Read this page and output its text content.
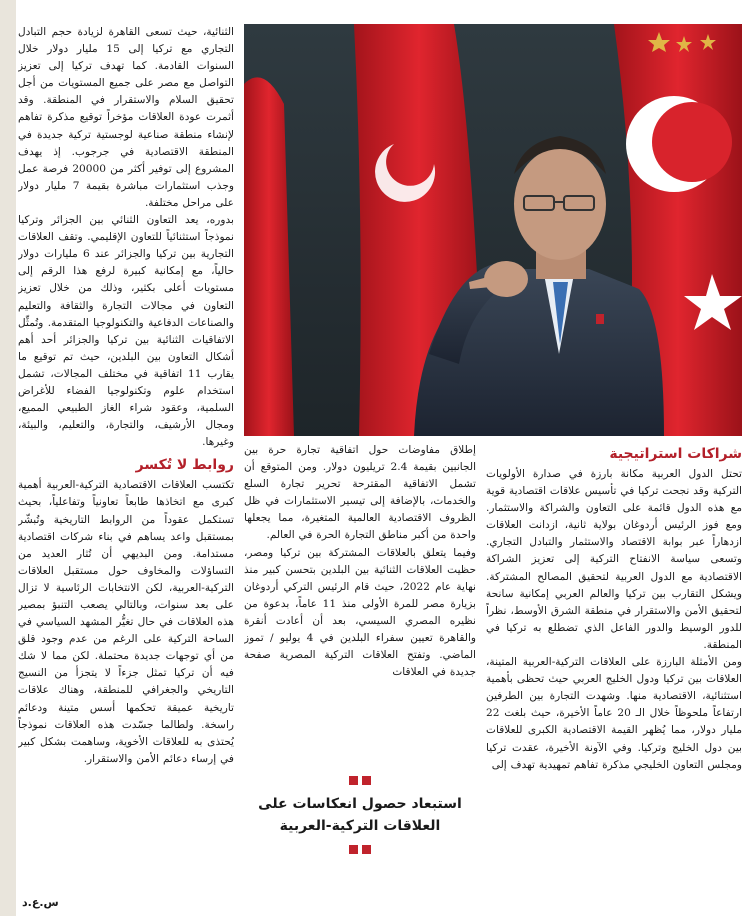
الثنائية، حيث تسعى القاهرة لزيادة حجم التبادل التجاري مع تركيا إلى 15 مليار دولار خلال السنوات القادمة. كما تهدف تركيا إلى تعزيز التواصل مع مصر على جميع المستويات من أجل تحقيق السلام والاستقرار في المنطقة. وقد أثمرت عودة العلاقات مؤخراً توقيع مذكرة تفاهم لإنشاء منطقة صناعية لوجستية تركية جديدة في المنطقة الاقتصادية في جرجوب. إذ يهدف المشروع إلى توفير أكثر من 20000 فرصة عمل وجذب استثمارات مباشرة بقيمة 7 مليار دولار على مراحل مختلفة.

بدوره، يعد التعاون الثنائي بين الجزائر وتركيا نموذجاً استثنائياً للتعاون الإقليمي. وتقف العلاقات التجارية بين تركيا والجزائر عند 6 مليارات دولار حالياً، مع إمكانية كبيرة لرفع هذا الرقم إلى مستويات أعلى بكثير، وذلك من خلال تعزيز التعاون في مجالات التجارة والثقافة والتعليم والصناعات الدفاعية والتكنولوجيا المتقدمة. وتُمثِّل الاتفاقيات الثنائية بين تركيا والجزائر أحد أهم أشكال التعاون بين البلدين، حيث تم توقيع ما يقارب 11 اتفاقية في مختلف المجالات، تشمل استخدام علوم وتكنولوجيا الفضاء للأغراض السلمية، وعقود شراء الغاز الطبيعي المميع، ومجال الأرشيف، والتجارة، والتعليم، والبيئة، وغيرها.

روابط لا تُكسر

تكتسب العلاقات الاقتصادية التركية-العربية أهمية كبرى مع اتخاذها طابعاً تعاونياً وتفاعلياً، بحيث تستكمل عقوداً من الروابط التاريخية وتُبشّر بمستقبل واعد يساهم في بناء شركات اقتصادية مستدامة. ومن البديهي أن تُثار العديد من التساؤلات والمخاوف حول مستقبل العلاقات التركية-العربية، لكن الانتخابات الرئاسية لا تزال على بعد سنوات، وبالتالي يصعب التنبؤ بمصير هذه العلاقات في حال تغيُّر المشهد السياسي في الساحة التركية على الرغم من عدم وجود قلق من أي توجهات جديدة محتملة. لكن مما لا شك فيه أن تركيا تمثل جزءاً لا يتجزأ من النسيج التاريخي والجغرافي للمنطقة، وهناك علاقات تاريخية عميقة تحكمها أسس متينة ودعائم راسخة. ولطالما جسّدت هذه العلاقات نموذجاً يُحتذى به للعلاقات الأخوية، وساهمت بشكل كبير في إرساء دعائم الأمن والاستقرار.

إطلاق مفاوضات حول اتفاقية تجارة حرة بين الجانبين بقيمة 2.4 تريليون دولار. ومن المتوقع أن تشمل الاتفاقية المقترحة تحرير تجارة السلع والخدمات، بالإضافة إلى تيسير الاستثمارات في ظل الظروف الاقتصادية العالمية المتغيرة، مما يجعلها واحدة من أكبر مناطق التجارة الحرة في العالم.

وفيما يتعلق بالعلاقات المشتركة بين تركيا ومصر، حظيت العلاقات الثنائية بين البلدين بتحسن كبير منذ نهاية عام 2022، حيث قام الرئيس التركي أردوغان بزيارة مصر للمرة الأولى منذ 11 عاماً، بدعوة من نظيره المصري السيسي، بعد أن أعادت أنقرة والقاهرة تعيين سفراء البلدين في 4 يوليو / تموز الماضي. وتفتح العلاقات التركية المصرية صفحة جديدة في العلاقات

شراكات استراتيجية

تحتل الدول العربية مكانة بارزة في صدارة الأولويات التركية وقد نجحت تركيا في تأسيس علاقات اقتصادية قوية مع هذه الدول قائمة على التعاون والشراكة والاستثمار. ومع فوز الرئيس أردوغان بولاية ثانية، ازدانت العلاقات ازدهاراً عبر بوابة الاقتصاد والاستثمار والتبادل التجاري. وتسعى سياسة الانفتاح التركية إلى تعزيز الشراكة الاقتصادية مع الدول العربية لتحقيق المصالح المشتركة. ويشكل التقارب بين تركيا والعالم العربي إمكانية سانحة لتحقيق الأمن والاستقرار في منطقة الشرق الأوسط، نظراً للدور الوسيط والدور الفاعل الذي تضطلع به تركيا في المنطقة.

ومن الأمثلة البارزة على العلاقات التركية-العربية المتينة، العلاقات بين تركيا ودول الخليج العربي حيث تحظى بأهمية استثنائية، الاقتصادية منها. وشهدت التجارة بين الطرفين ارتفاعاً ملحوظاً خلال الـ 20 عاماً الأخيرة، حيث بلغت 22 مليار دولار، مما يُظهر القيمة الاقتصادية الكبرى للعلاقات بين دول الخليج وتركيا. وفي الآونة الأخيرة، عقدت تركيا ومجلس التعاون الخليجي مذكرة تفاهم تمهيدية تهدف إلى

استبعاد حصول انعكاسات على العلاقات التركية-العربية
س.ع.د
